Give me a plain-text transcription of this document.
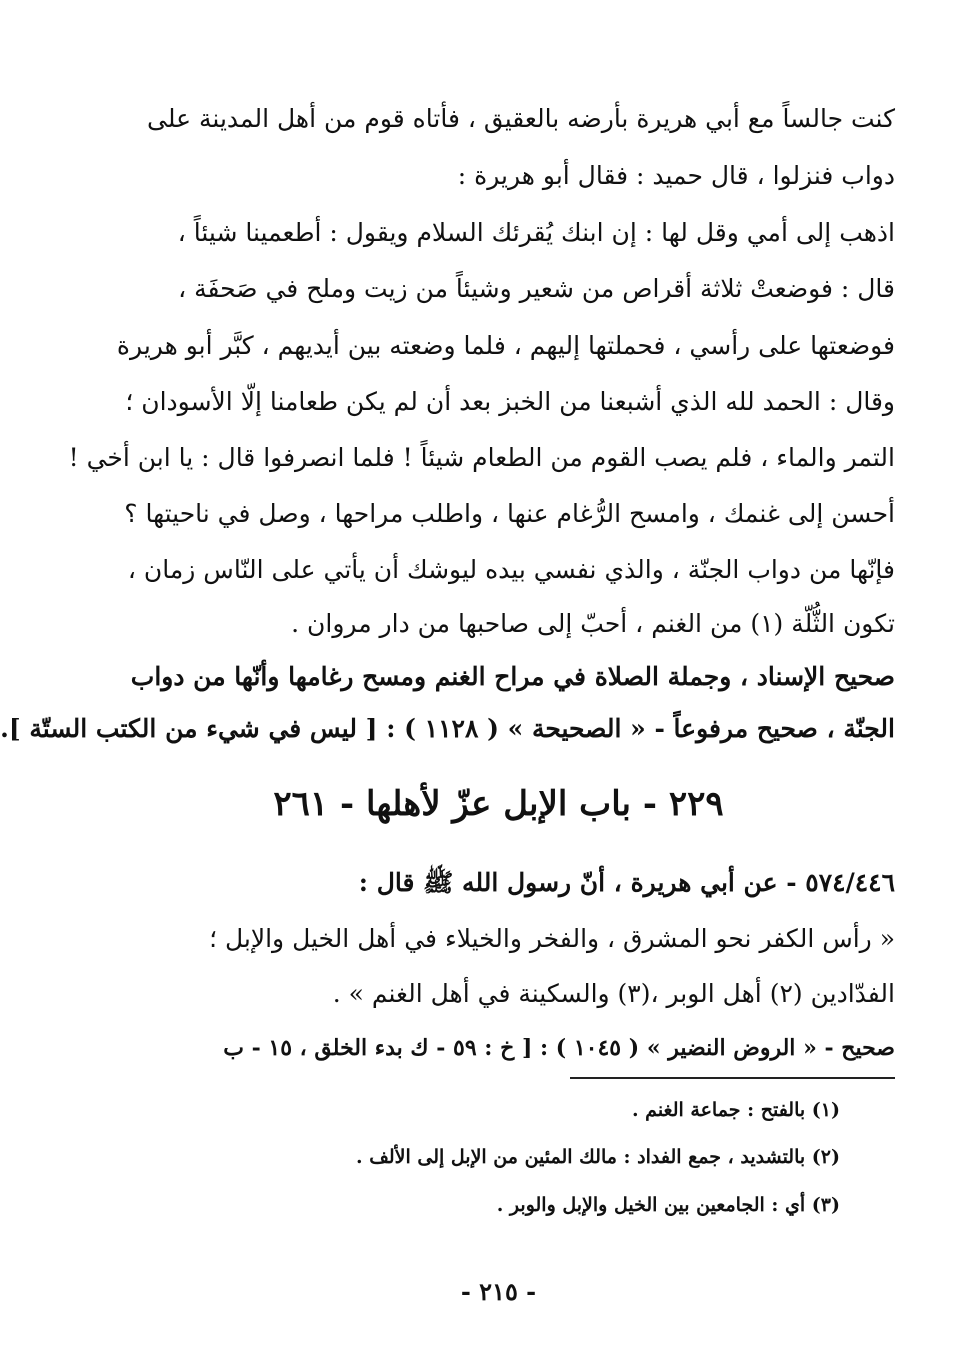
كنت جالساً مع أبي هريرة بأرضه بالعقيق ، فأتاه قوم من أهل المدينة على
دواب فنزلوا ، قال حميد : فقال أبو هريرة :
اذهب إلى أمي وقل لها : إن ابنك يُقرئك السلام ويقول : أطعمينا شيئاً ،
قال : فوضعتْ ثلاثة أقراص من شعير وشيئاً من زيت وملح في صَحفَة ،
فوضعتها على رأسي ، فحملتها إليهم ، فلما وضعته بين أيديهم ، كبَّر أبو هريرة
وقال : الحمد لله الذي أشبعنا من الخبز بعد أن لم يكن طعامنا إلّا الأسودان ؛
التمر والماء ، فلم يصب القوم من الطعام شيئاً ! فلما انصرفوا قال : يا ابن أخي !
أحسن إلى غنمك ، وامسح الرُّغام عنها ، واطلب مراحها ، وصل في ناحيتها ؟
فإنّها من دواب الجنّة ، والذي نفسي بيده ليوشك أن يأتي على النّاس زمان ،
تكون الثُّلّة (١) من الغنم ، أحبّ إلى صاحبها من دار مروان .
صحيح الإسناد ، وجملة الصلاة في مراح الغنم ومسح رغامها وأنّها من دواب
الجنّة ، صحيح مرفوعاً - « الصحيحة » ( ١١٢٨ ) : [ ليس في شيء من الكتب الستّة ].
٢٢٩ - باب الإبل عزّ لأهلها - ٢٦١
٥٧٤/٤٤٦ - عن أبي هريرة ، أنّ رسول الله ﷺ قال :
« رأس الكفر نحو المشرق ، والفخر والخيلاء في أهل الخيل والإبل ؛
الفدّادين (٢) أهل الوبر ،(٣) والسكينة في أهل الغنم » .
صحيح - « الروض النضير » ( ١٠٤٥ ) : [ خ : ٥٩ - ك بدء الخلق ، ١٥ - ب
(١) بالفتح : جماعة الغنم .
(٢) بالتشديد ، جمع الفداد : مالك المئين من الإبل إلى الألف .
(٣) أي : الجامعين بين الخيل والإبل والوبر .
- ٢١٥ -
